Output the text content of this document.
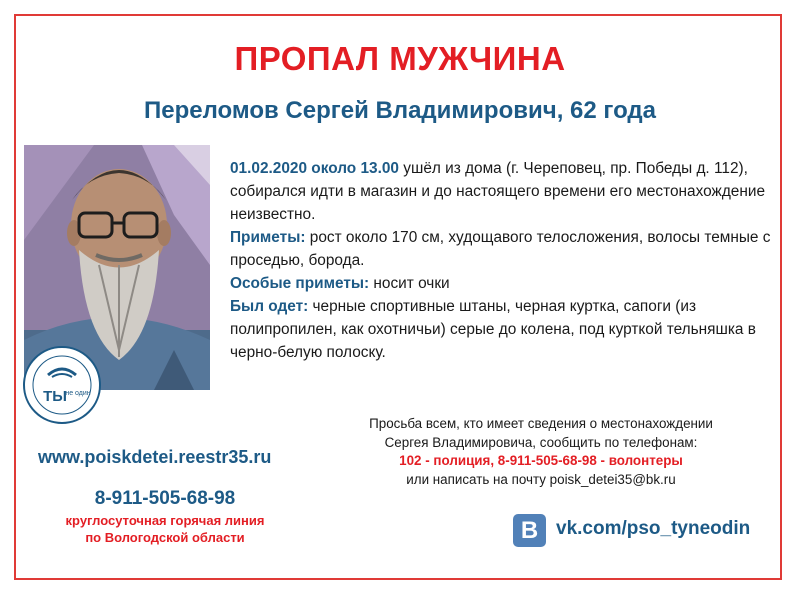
ПРОПАЛ МУЖЧИНА
Переломов Сергей Владимирович, 62 года
ТЫ
не один

01.02.2020 около 13.00 ушёл из дома (г. Череповец, пр. Победы д. 112), собирался идти в магазин и до настоящего времени его местонахождение неизвестно.

Приметы: рост около 170 см, худощавого телосложения, волосы темные с проседью, борода.

Особые приметы: носит очки

Был одет: черные спортивные штаны, черная куртка, сапоги (из полипропилен, как охотничьи) серые до колена, под курткой тельняшка в черно-белую полоску.

www.poiskdetei.reestr35.ru
8-911-505-68-98
круглосуточная горячая линия
по Вологодской области
Просьба всем, кто имеет сведения о местонахождении
Сергея Владимировича, сообщить по телефонам:
102 - полиция, 8-911-505-68-98 - волонтеры
или написать на почту poisk_detei35@bk.ru
В vk.com/pso_tyneodin
